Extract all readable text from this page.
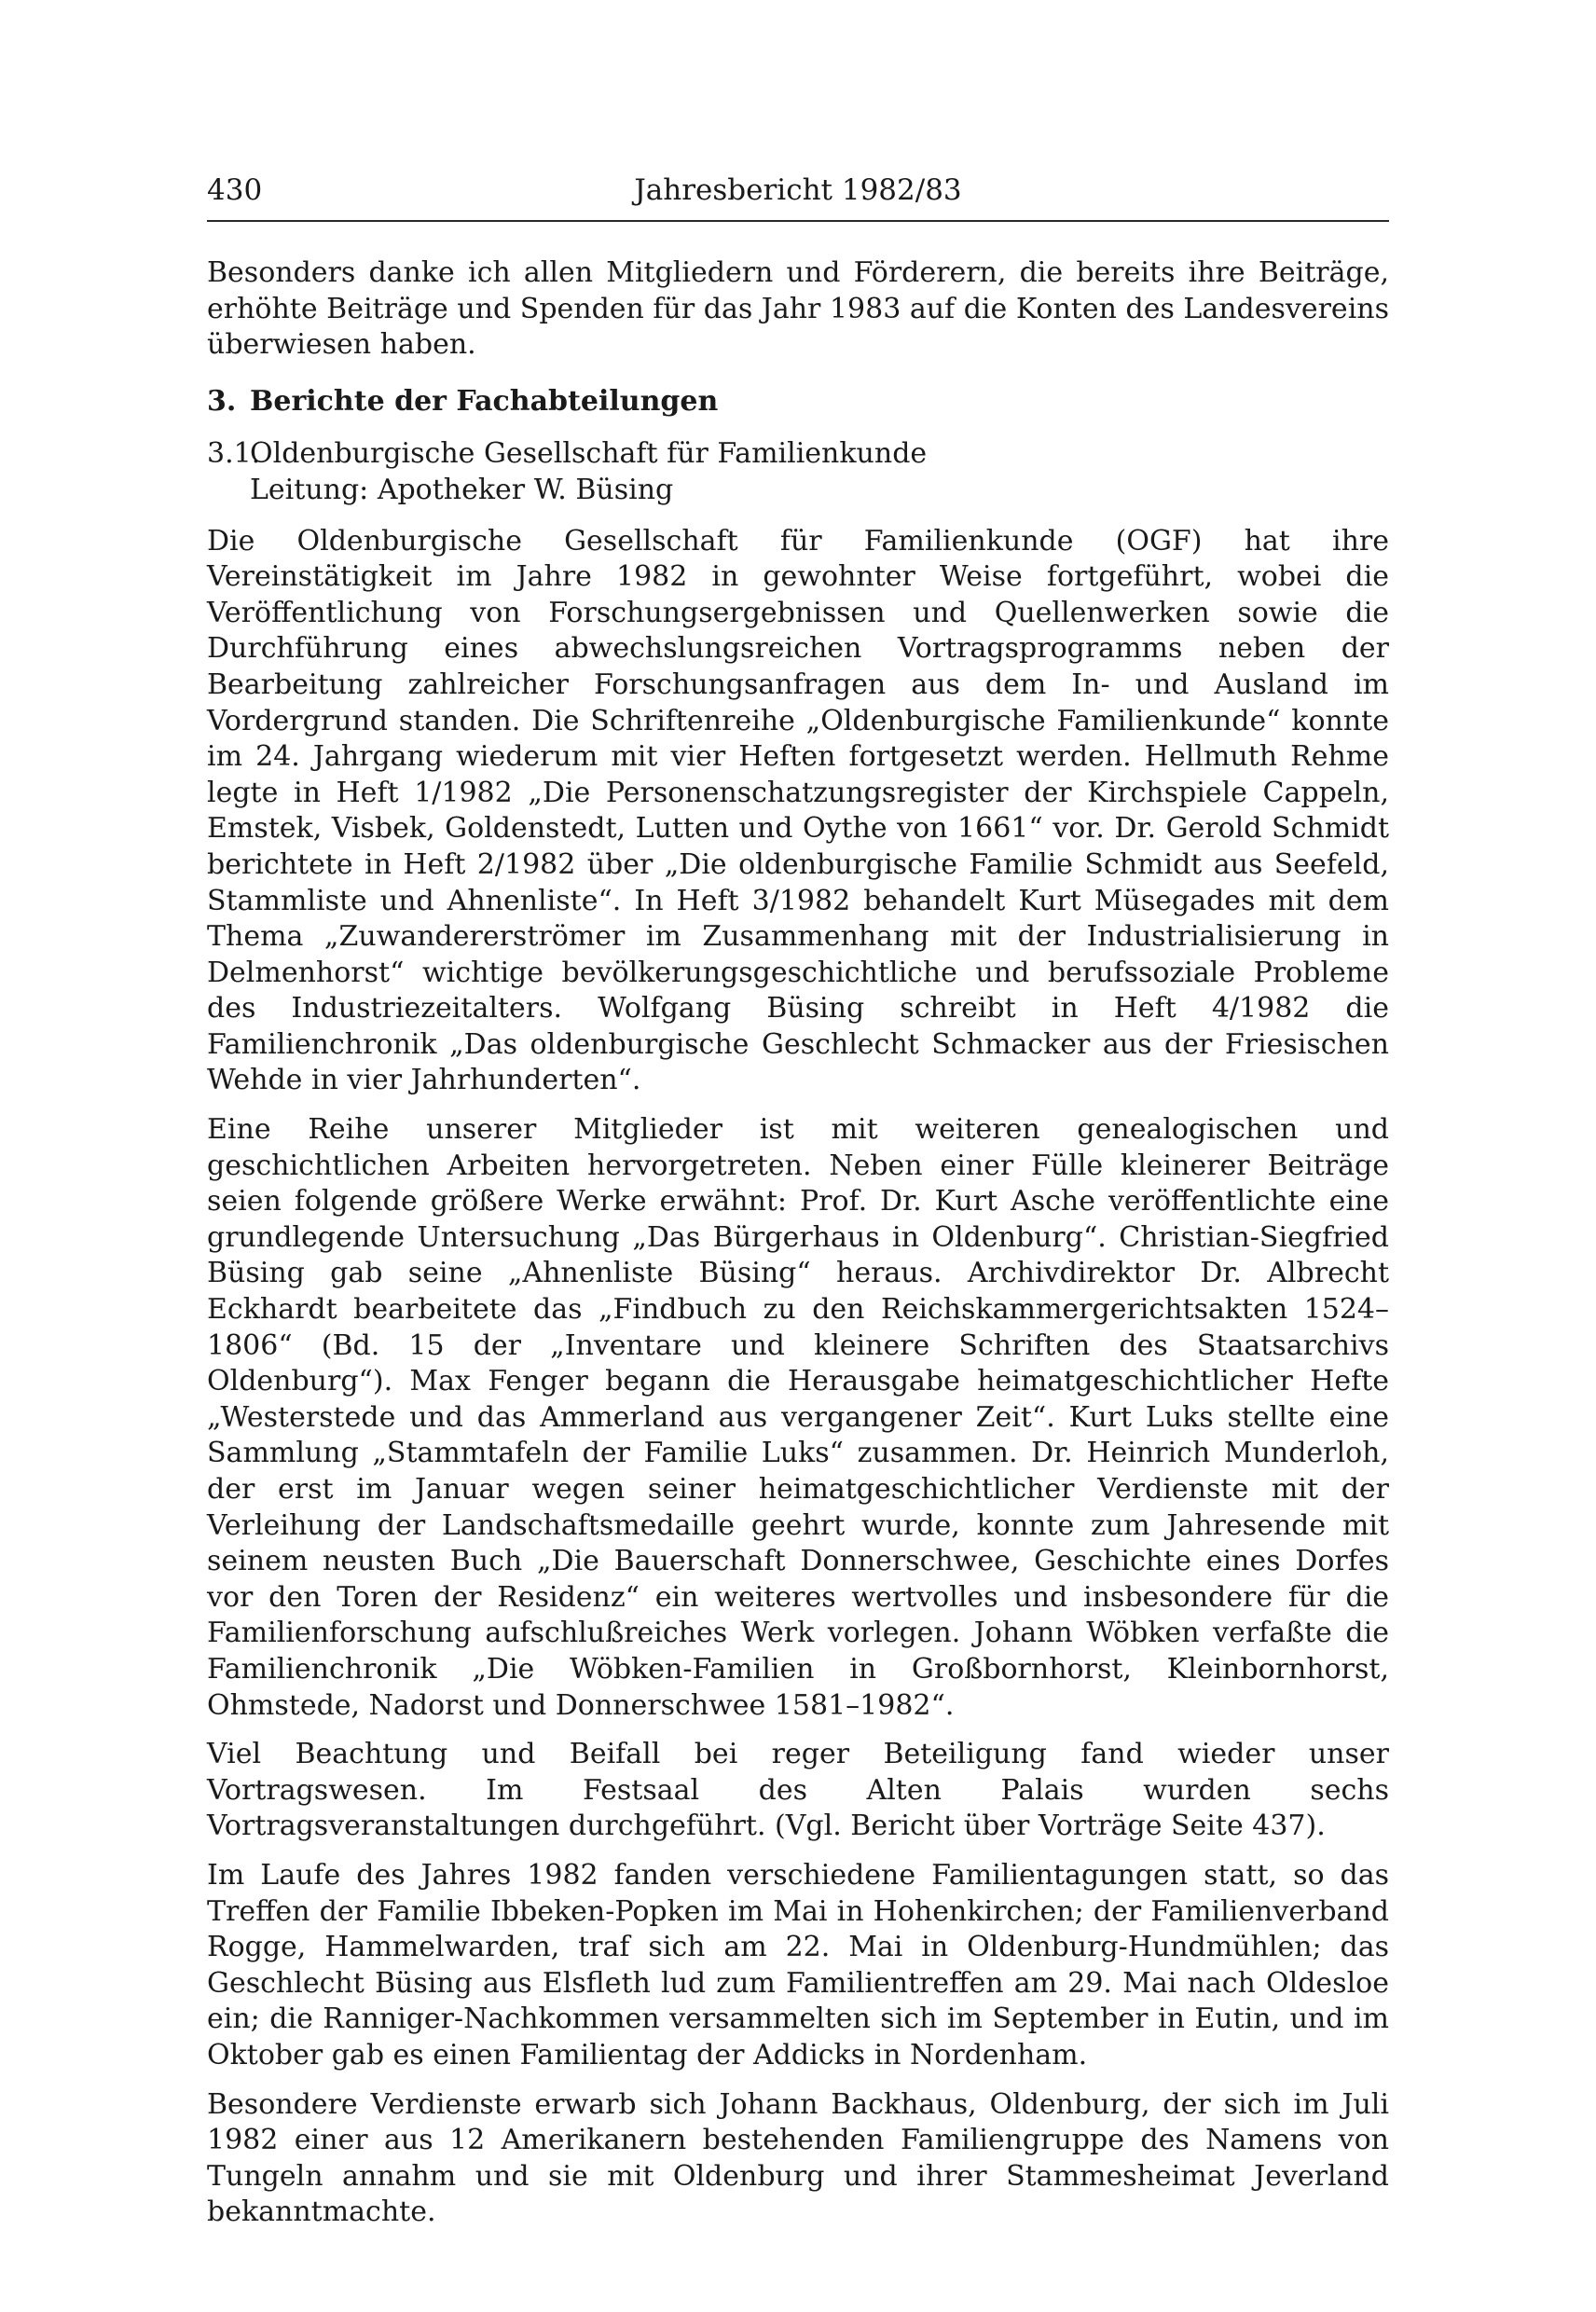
430	Jahresbericht 1982/83

Besonders danke ich allen Mitgliedern und Förderern, die bereits ihre Beiträge, erhöhte Beiträge und Spenden für das Jahr 1983 auf die Konten des Landesvereins überwiesen haben.

3. Berichte der Fachabteilungen
3.1.Oldenburgische Gesellschaft für Familienkunde
Leitung: Apotheker W. Büsing

Die Oldenburgische Gesellschaft für Familienkunde (OGF) hat ihre Vereinstätigkeit im Jahre 1982 in gewohnter Weise fortgeführt, wobei die Veröffentlichung von Forschungsergebnissen und Quellenwerken sowie die Durchführung eines abwechslungsreichen Vortragsprogramms neben der Bearbeitung zahlreicher Forschungsanfragen aus dem In- und Ausland im Vordergrund standen. Die Schriftenreihe „Oldenburgische Familienkunde“ konnte im 24. Jahrgang wiederum mit vier Heften fortgesetzt werden. Hellmuth Rehme legte in Heft 1/1982 „Die Personenschatzungsregister der Kirchspiele Cappeln, Emstek, Visbek, Goldenstedt, Lutten und Oythe von 1661“ vor. Dr. Gerold Schmidt berichtete in Heft 2/1982 über „Die oldenburgische Familie Schmidt aus Seefeld, Stammliste und Ahnenliste“. In Heft 3/1982 behandelt Kurt Müsegades mit dem Thema „Zuwandererströmer im Zusammenhang mit der Industrialisierung in Delmenhorst“ wichtige bevölkerungsgeschichtliche und berufssoziale Probleme des Industriezeitalters. Wolfgang Büsing schreibt in Heft 4/1982 die Familienchronik „Das oldenburgische Geschlecht Schmacker aus der Friesischen Wehde in vier Jahrhunderten“.

Eine Reihe unserer Mitglieder ist mit weiteren genealogischen und geschichtlichen Arbeiten hervorgetreten. Neben einer Fülle kleinerer Beiträge seien folgende größere Werke erwähnt: Prof. Dr. Kurt Asche veröffentlichte eine grundlegende Untersuchung „Das Bürgerhaus in Oldenburg“. Christian-Siegfried Büsing gab seine „Ahnenliste Büsing“ heraus. Archivdirektor Dr. Albrecht Eckhardt bearbeitete das „Findbuch zu den Reichskammergerichtsakten 1524–1806“ (Bd. 15 der „Inventare und kleinere Schriften des Staatsarchivs Oldenburg“). Max Fenger begann die Herausgabe heimatgeschichtlicher Hefte „Westerstede und das Ammerland aus vergangener Zeit“. Kurt Luks stellte eine Sammlung „Stammtafeln der Familie Luks“ zusammen. Dr. Heinrich Munderloh, der erst im Januar wegen seiner heimatgeschichtlicher Verdienste mit der Verleihung der Landschaftsmedaille geehrt wurde, konnte zum Jahresende mit seinem neusten Buch „Die Bauerschaft Donnerschwee, Geschichte eines Dorfes vor den Toren der Residenz“ ein weiteres wertvolles und insbesondere für die Familienforschung aufschlußreiches Werk vorlegen. Johann Wöbken verfaßte die Familienchronik „Die Wöbken-Familien in Großbornhorst, Kleinbornhorst, Ohmstede, Nadorst und Donnerschwee 1581–1982“.

Viel Beachtung und Beifall bei reger Beteiligung fand wieder unser Vortragswesen. Im Festsaal des Alten Palais wurden sechs Vortragsveranstaltungen durchgeführt. (Vgl. Bericht über Vorträge Seite 437).

Im Laufe des Jahres 1982 fanden verschiedene Familientagungen statt, so das Treffen der Familie Ibbeken-Popken im Mai in Hohenkirchen; der Familienverband Rogge, Hammelwarden, traf sich am 22. Mai in Oldenburg-Hundmühlen; das Geschlecht Büsing aus Elsfleth lud zum Familientreffen am 29. Mai nach Oldesloe ein; die Ranniger-Nachkommen versammelten sich im September in Eutin, und im Oktober gab es einen Familientag der Addicks in Nordenham.

Besondere Verdienste erwarb sich Johann Backhaus, Oldenburg, der sich im Juli 1982 einer aus 12 Amerikanern bestehenden Familiengruppe des Namens von Tungeln annahm und sie mit Oldenburg und ihrer Stammesheimat Jeverland bekanntmachte.
